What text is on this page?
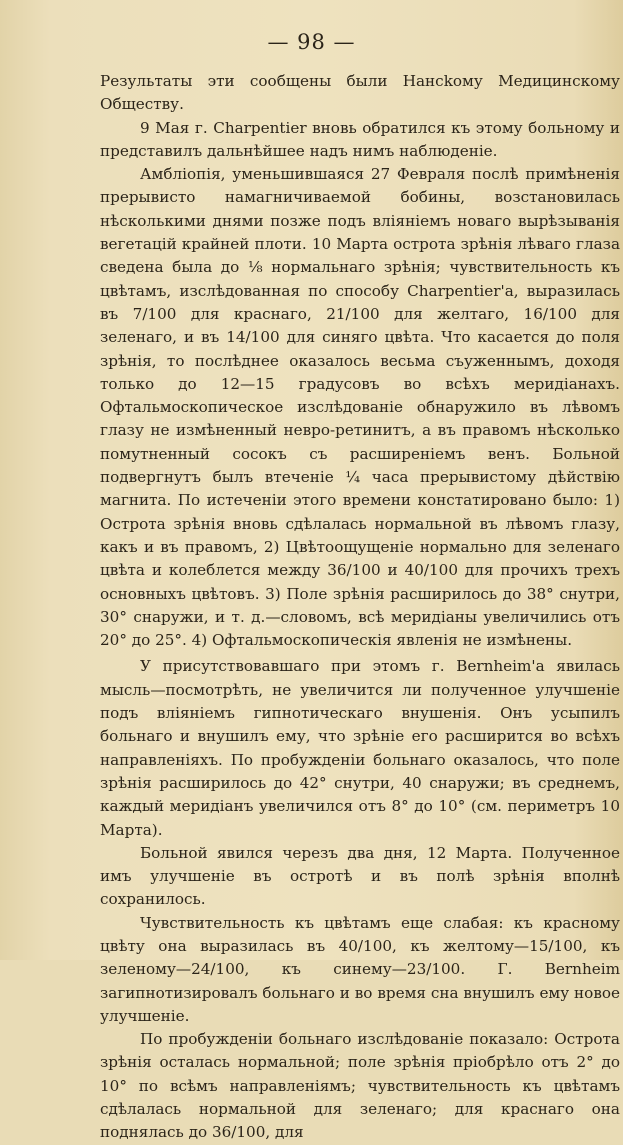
— 98 —

Результаты эти сообщены были Нансkому Медицинскому Обществу.

9 Мая г. Charpentier вновь обратился къ этому больному и представилъ дальнѣйшее надъ нимъ наблюденіе.

Амбліопія, уменьшившаяся 27 Февраля послѣ примѣненія прерывисто намагничиваемой бобины, возстановилась нѣсколькими днями позже подъ вліяніемъ новаго вырѣзыванія вегетацій крайней плоти. 10 Марта острота зрѣнія лѣваго глаза сведена была до ⅛ нормальнаго зрѣнія; чувствительность къ цвѣтамъ, изслѣдованная по способу Charpentier'а, выразилась въ 7/100 для краснаго, 21/100 для желтаго, 16/100 для зеленаго, и въ 14/100 для синяго цвѣта. Что касается до поля зрѣнія, то послѣднее оказалось весьма съуженнымъ, доходя только до 12—15 градусовъ во всѣхъ меридіанахъ. Офтальмоскопическое изслѣдованіе обнаружило въ лѣвомъ глазу не измѣненный невро-ретинитъ, а въ правомъ нѣсколько помутненный сосокъ съ расширеніемъ венъ. Больной подвергнутъ былъ втеченіе ¼ часа прерывистому дѣйствію магнита. По истеченіи этого времени констатировано было: 1) Острота зрѣнія вновь сдѣлалась нормальной въ лѣвомъ глазу, какъ и въ правомъ, 2) Цвѣтоощущеніе нормально для зеленаго цвѣта и колеблется между 36/100 и 40/100 для прочихъ трехъ основныхъ цвѣтовъ. 3) Поле зрѣнія расширилось до 38° снутри, 30° снаружи, и т. д.—словомъ, всѣ меридіаны увеличились отъ 20° до 25°. 4) Офтальмоскопическія явленія не измѣнены.

У присутствовавшаго при этомъ г. Bernheim'а явилась мысль—посмотрѣть, не увеличится ли полученное улучшеніе подъ вліяніемъ гипнотическаго внушенія. Онъ усыпилъ больнаго и внушилъ ему, что зрѣніе его расширится во всѣхъ направленіяхъ. По пробужденіи больнаго оказалось, что поле зрѣнія расширилось до 42° снутри, 40 снаружи; въ среднемъ, каждый меридіанъ увеличился отъ 8° до 10° (см. периметръ 10 Марта).

Больной явился черезъ два дня, 12 Марта. Полученное имъ улучшеніе въ остротѣ и въ полѣ зрѣнія вполнѣ сохранилось.

Чувствительность къ цвѣтамъ еще слабая: къ красному цвѣту она выразилась въ 40/100, къ желтому—15/100, къ зеленому—24/100, къ синему—23/100. Г. Bernheim загипнотизировалъ больнаго и во время сна внушилъ ему новое улучшеніе.

По пробужденіи больнаго изслѣдованіе показало: Острота зрѣнія осталась нормальной; поле зрѣнія пріобрѣло отъ 2° до 10° по всѣмъ направленіямъ; чувствительность къ цвѣтамъ сдѣлалась нормальной для зеленаго; для краснаго она поднялась до 36/100, для
